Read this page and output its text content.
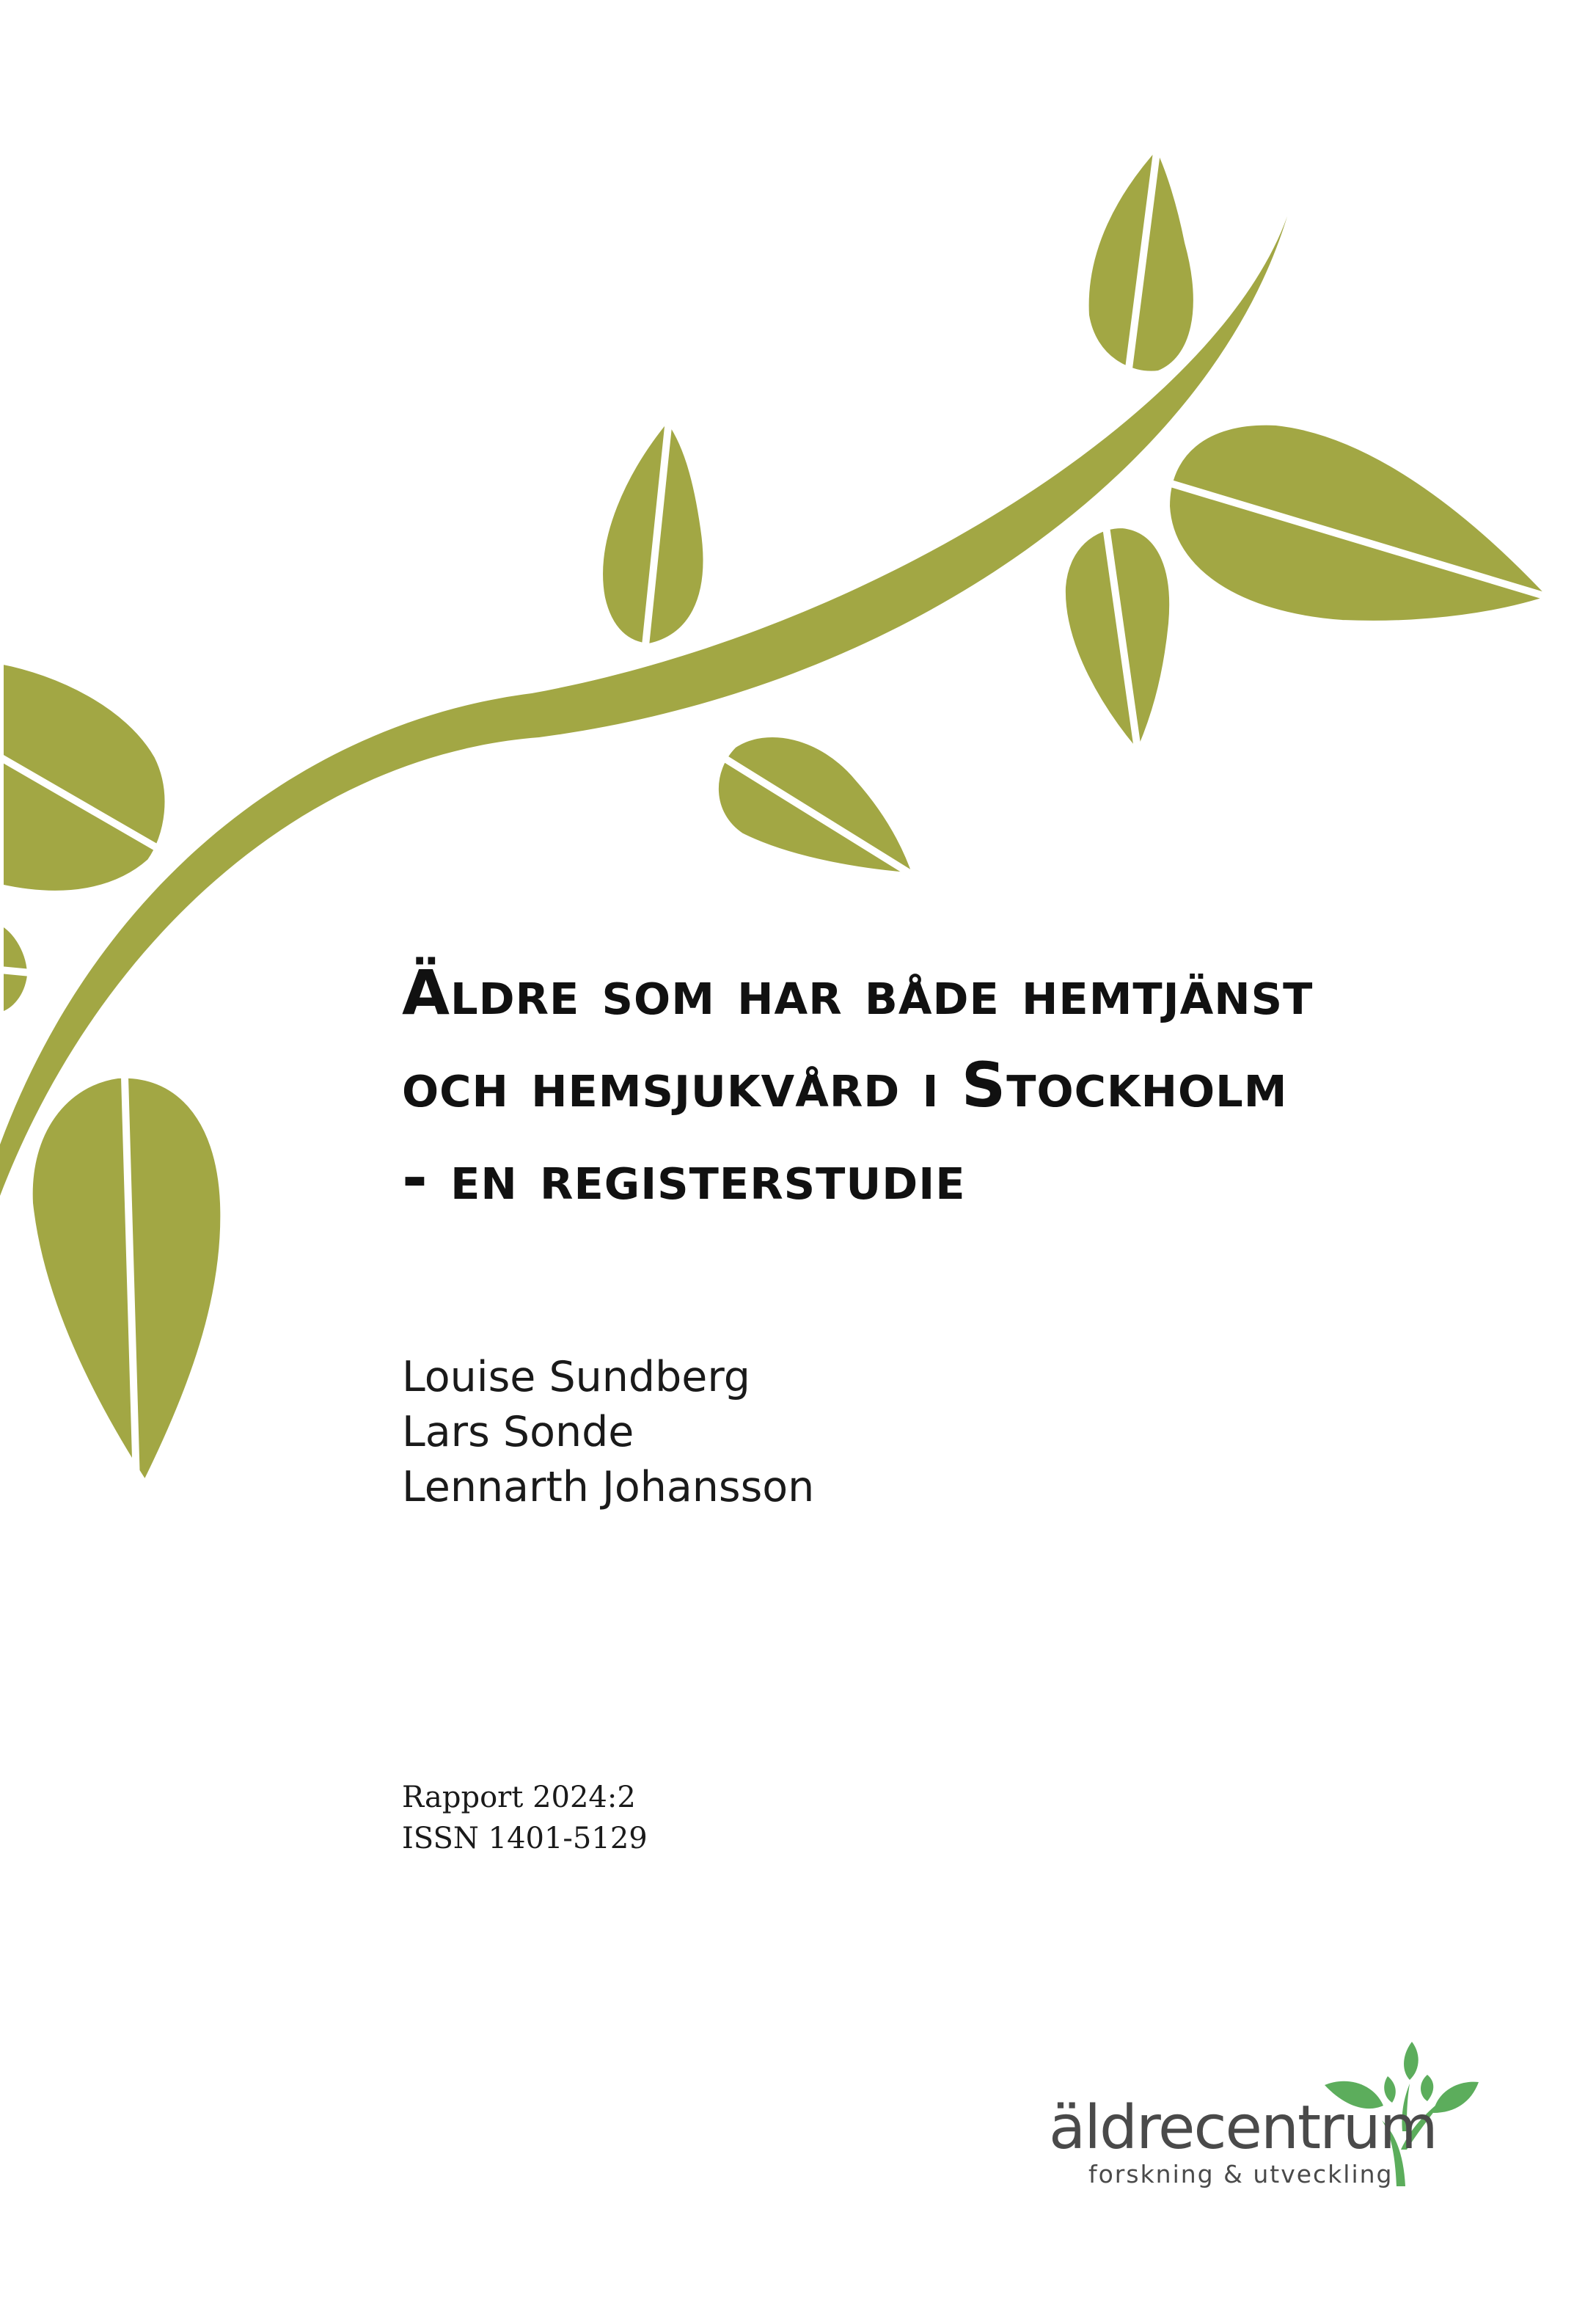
Äldre som har både hemtjänst
och hemsjukvård i Stockholm
- en registerstudie
Louise Sundberg
Lars Sonde
Lennarth Johansson
Rapport 2024:2
ISSN 1401-5129
äldrecentrum
forskning & utveckling
